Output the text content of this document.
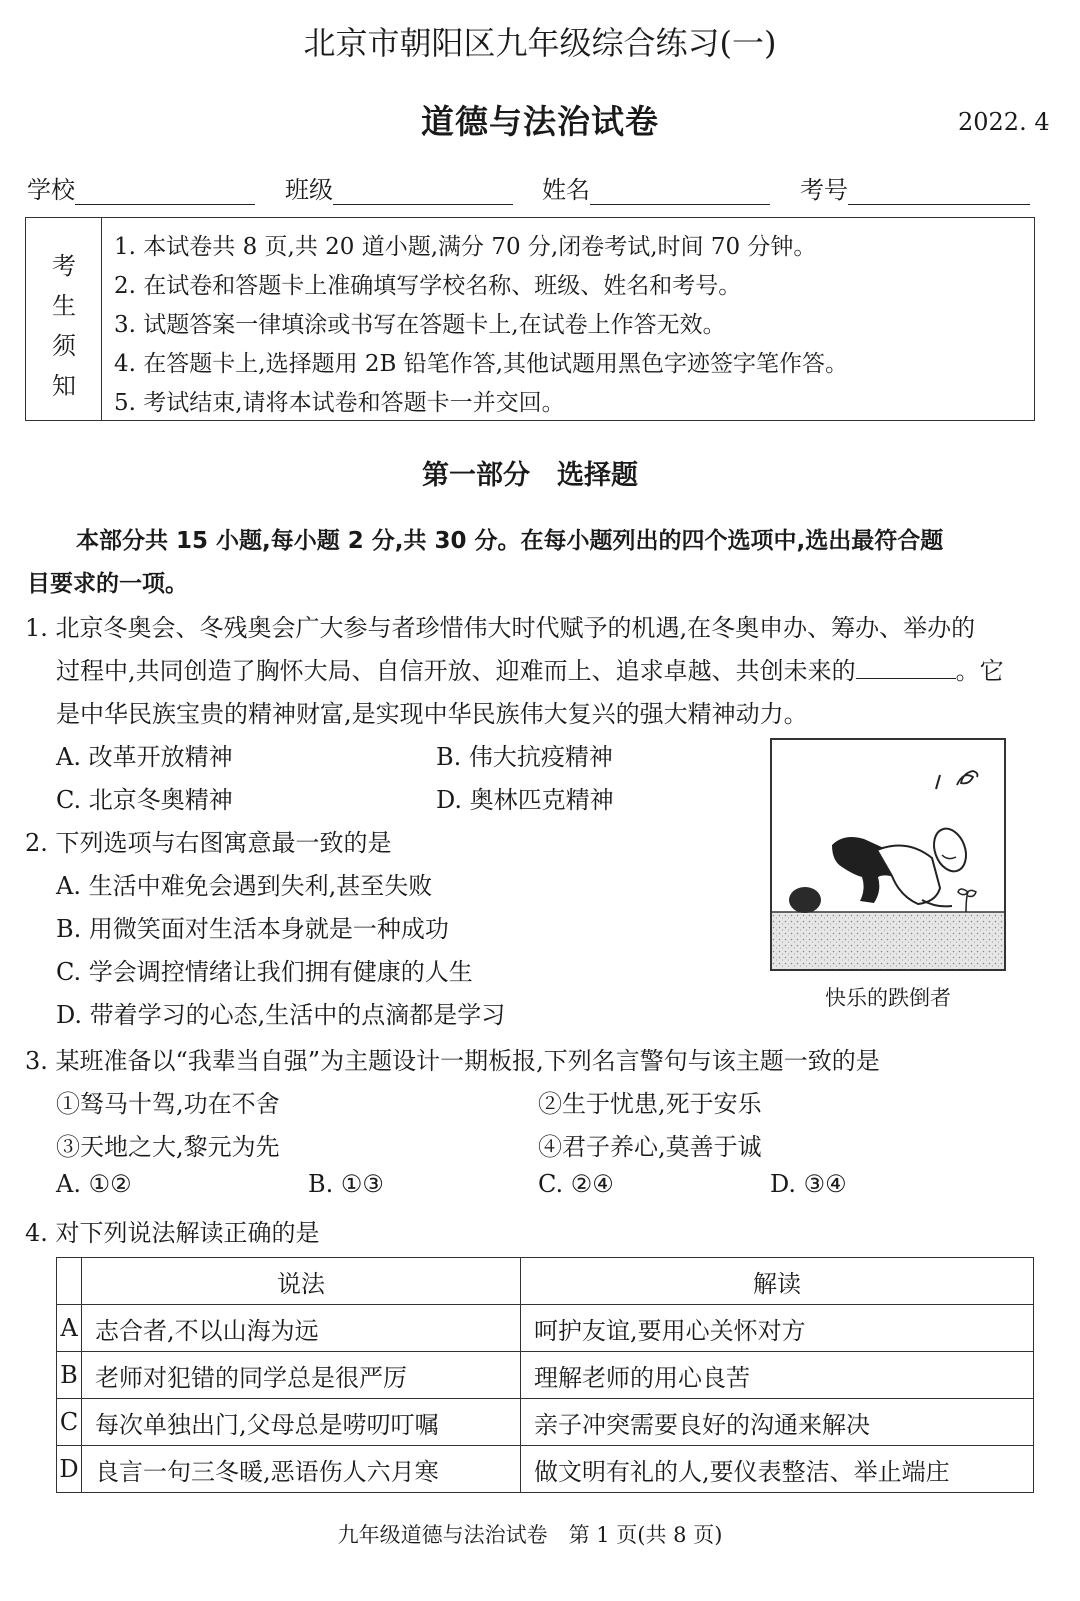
北京市朝阳区九年级综合练习(一)
道德与法治试卷	2022. 4
学校	班级	姓名	考号
考
生
须
知
1. 本试卷共 8 页,共 20 道小题,满分 70 分,闭卷考试,时间 70 分钟。
2. 在试卷和答题卡上准确填写学校名称、班级、姓名和考号。
3. 试题答案一律填涂或书写在答题卡上,在试卷上作答无效。
4. 在答题卡上,选择题用 2B 铅笔作答,其他试题用黑色字迹签字笔作答。
5. 考试结束,请将本试卷和答题卡一并交回。
第一部分　选择题
本部分共 15 小题,每小题 2 分,共 30 分。在每小题列出的四个选项中,选出最符合题
目要求的一项。
1. 北京冬奥会、冬残奥会广大参与者珍惜伟大时代赋予的机遇,在冬奥申办、筹办、举办的
过程中,共同创造了胸怀大局、自信开放、迎难而上、追求卓越、共创未来的	。它
是中华民族宝贵的精神财富,是实现中华民族伟大复兴的强大精神动力。
A. 改革开放精神	B. 伟大抗疫精神
C. 北京冬奥精神	D. 奥林匹克精神
2. 下列选项与右图寓意最一致的是
A. 生活中难免会遇到失利,甚至失败
B. 用微笑面对生活本身就是一种成功
C. 学会调控情绪让我们拥有健康的人生
D. 带着学习的心态,生活中的点滴都是学习
快乐的跌倒者
3. 某班准备以“我辈当自强”为主题设计一期板报,下列名言警句与该主题一致的是
①驽马十驾,功在不舍	②生于忧患,死于安乐
③天地之大,黎元为先	④君子养心,莫善于诚
A. ①②	B. ①③	C. ②④	D. ③④
4. 对下列说法解读正确的是
	说法	解读
A	志合者,不以山海为远	呵护友谊,要用心关怀对方
B	老师对犯错的同学总是很严厉	理解老师的用心良苦
C	每次单独出门,父母总是唠叨叮嘱	亲子冲突需要良好的沟通来解决
D	良言一句三冬暖,恶语伤人六月寒	做文明有礼的人,要仪表整洁、举止端庄
九年级道德与法治试卷　第 1 页(共 8 页)
